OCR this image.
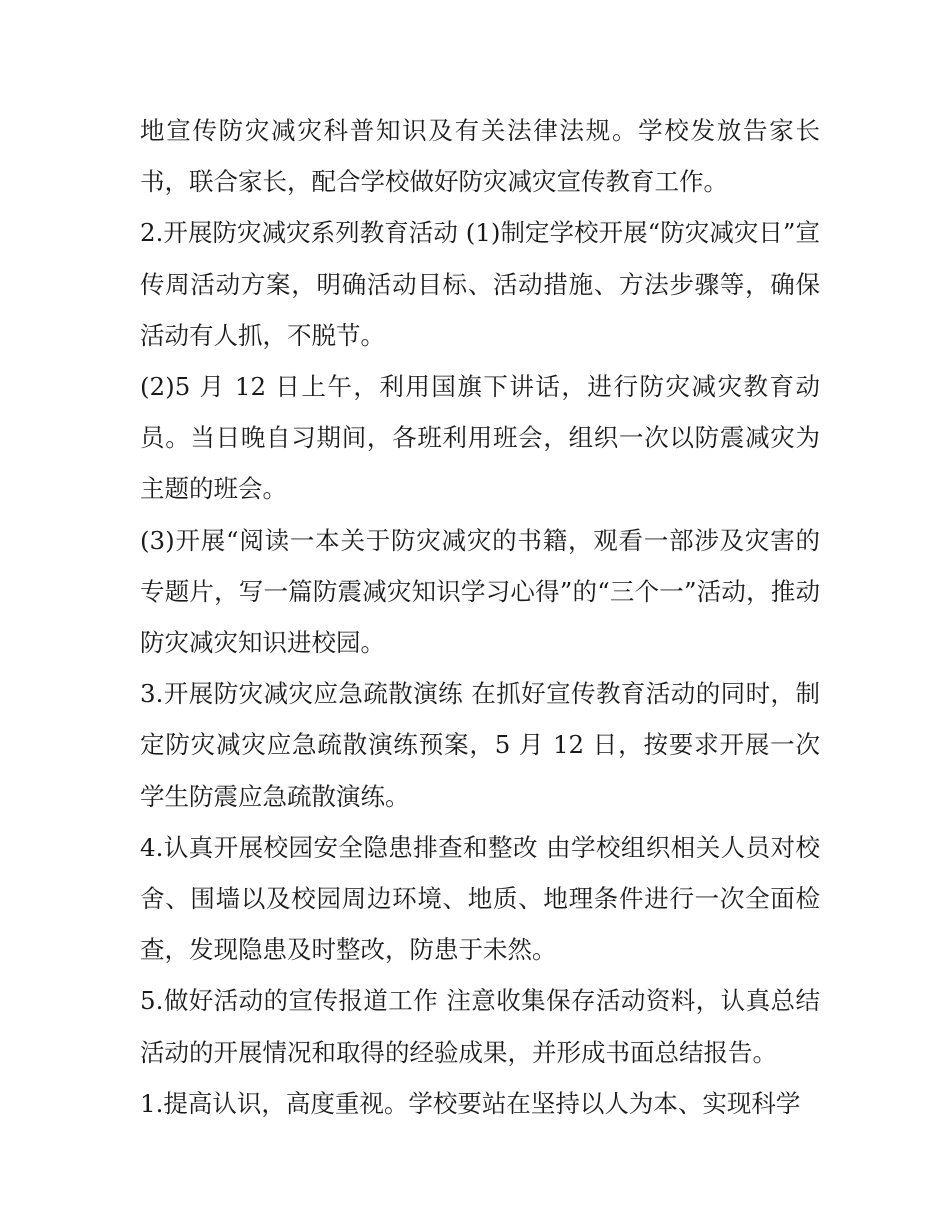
地宣传防灾减灾科普知识及有关法律法规。学校发放告家长书，联合家长，配合学校做好防灾减灾宣传教育工作。

2.开展防灾减灾系列教育活动 (1)制定学校开展“防灾减灾日”宣传周活动方案，明确活动目标、活动措施、方法步骤等，确保活动有人抓，不脱节。

(2)5 月 12 日上午，利用国旗下讲话，进行防灾减灾教育动员。当日晚自习期间，各班利用班会，组织一次以防震减灾为主题的班会。

(3)开展“阅读一本关于防灾减灾的书籍，观看一部涉及灾害的专题片，写一篇防震减灾知识学习心得”的“三个一”活动，推动防灾减灾知识进校园。

3.开展防灾减灾应急疏散演练 在抓好宣传教育活动的同时，制定防灾减灾应急疏散演练预案，5 月 12 日，按要求开展一次学生防震应急疏散演练。

4.认真开展校园安全隐患排查和整改 由学校组织相关人员对校舍、围墙以及校园周边环境、地质、地理条件进行一次全面检查，发现隐患及时整改，防患于未然。

5.做好活动的宣传报道工作 注意收集保存活动资料，认真总结活动的开展情况和取得的经验成果，并形成书面总结报告。

1.提高认识，高度重视。学校要站在坚持以人为本、实现科学
